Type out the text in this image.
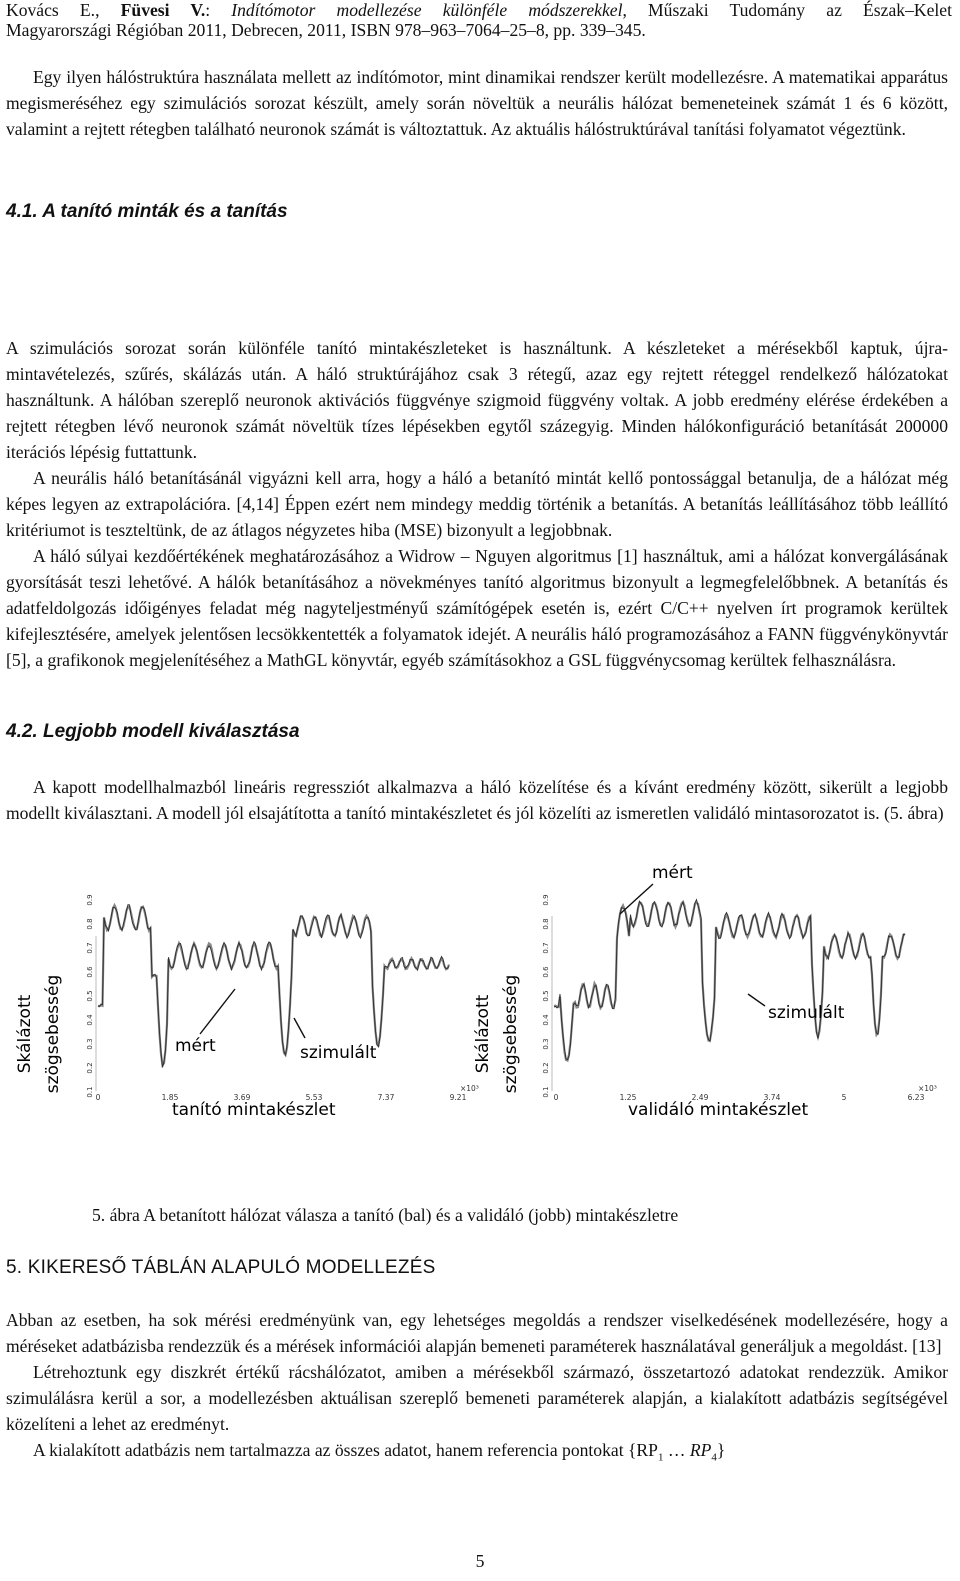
Kovács E., Füvesi V.: Indítómotor modellezése különféle módszerekkel, Műszaki Tudomány az Észak–Kelet
Magyarországi Régióban 2011, Debrecen, 2011, ISBN 978–963–7064–25–8, pp. 339–345.

Egy ilyen hálóstruktúra használata mellett az indítómotor, mint dinamikai rendszer került modellezésre. A matematikai apparátus megismeréséhez egy szimulációs sorozat készült, amely során növeltük a neurális hálózat bemeneteinek számát 1 és 6 között, valamint a rejtett rétegben található neuronok számát is változtattuk. Az aktuális hálóstruktúrával tanítási folyamatot végeztünk.

4.1. A tanító minták és a tanítás

A szimulációs sorozat során különféle tanító mintakészleteket is használtunk. A készleteket a mérésekből kaptuk, újra-mintavételezés, szűrés, skálázás után. A háló struktúrájához csak 3 rétegű, azaz egy rejtett réteggel rendelkező hálózatokat használtunk. A hálóban szereplő neuronok aktivációs függvénye szigmoid függvény voltak. A jobb eredmény elérése érdekében a rejtett rétegben lévő neuronok számát növeltük tízes lépésekben egytől százegyig. Minden hálókonfiguráció betanítását 200000 iterációs lépésig futtattunk.

A neurális háló betanításánál vigyázni kell arra, hogy a háló a betanító mintát kellő pontossággal betanulja, de a hálózat még képes legyen az extrapolációra. [4,14] Éppen ezért nem mindegy meddig történik a betanítás. A betanítás leállításához több leállító kritériumot is teszteltünk, de az átlagos négyzetes hiba (MSE) bizonyult a legjobbnak.

A háló súlyai kezdőértékének meghatározásához a Widrow – Nguyen algoritmus [1] használtuk, ami a hálózat konvergálásának gyorsítását teszi lehetővé. A hálók betanításához a növekményes tanító algoritmus bizonyult a legmegfelelőbbnek. A betanítás és adatfeldolgozás időigényes feladat még nagyteljestményű számítógépek esetén is, ezért C/C++ nyelven írt programok kerültek kifejlesztésére, amelyek jelentősen lecsökkentették a folyamatok idejét. A neurális háló programozásához a FANN függvénykönyvtár [5], a grafikonok megjelenítéséhez a MathGL könyvtár, egyéb számításokhoz a GSL függvénycsomag kerültek felhasználásra.

4.2. Legjobb modell kiválasztása

A kapott modellhalmazból lineáris regressziót alkalmazva a háló közelítése és a kívánt eredmény között, sikerült a legjobb modellt kiválasztani. A modell jól elsajátította a tanító mintakészletet és jól közelíti az ismeretlen validáló mintasorozatot is. (5. ábra)

Skálázott szögsebesség
0.9
0.8
0.7
0.6
0.5
0.4
0.3
0.2
0.1 0	1.85	3.69	5.53	7.37	9.21
×10³
tanító mintakészlet
mért	szimulált	Skálázott szögsebesség
0.9
0.8
0.7
0.6
0.5
0.4
0.3
0.2
0.1 0	1.25	2.49	3.74	5	6.23
×10³
validáló mintakészlet
mért
szimulált
5. ábra A betanított hálózat válasza a tanító (bal) és a validáló (jobb) mintakészletre
5. KIKERESŐ TÁBLÁN ALAPULÓ MODELLEZÉS

Abban az esetben, ha sok mérési eredményünk van, egy lehetséges megoldás a rendszer viselkedésének modellezésére, hogy a méréseket adatbázisba rendezzük és a mérések információi alapján bemeneti paraméterek használatával generáljuk a megoldást. [13]

Létrehoztunk egy diszkrét értékű rácshálózatot, amiben a mérésekből származó, összetartozó adatokat rendezzük. Amikor szimulálásra kerül a sor, a modellezésben aktuálisan szereplő bemeneti paraméterek alapján, a kialakított adatbázis segítségével közelíteni a lehet az eredményt.

A kialakított adatbázis nem tartalmazza az összes adatot, hanem referencia pontokat {$RP_1$ … $RP_4$}

5
